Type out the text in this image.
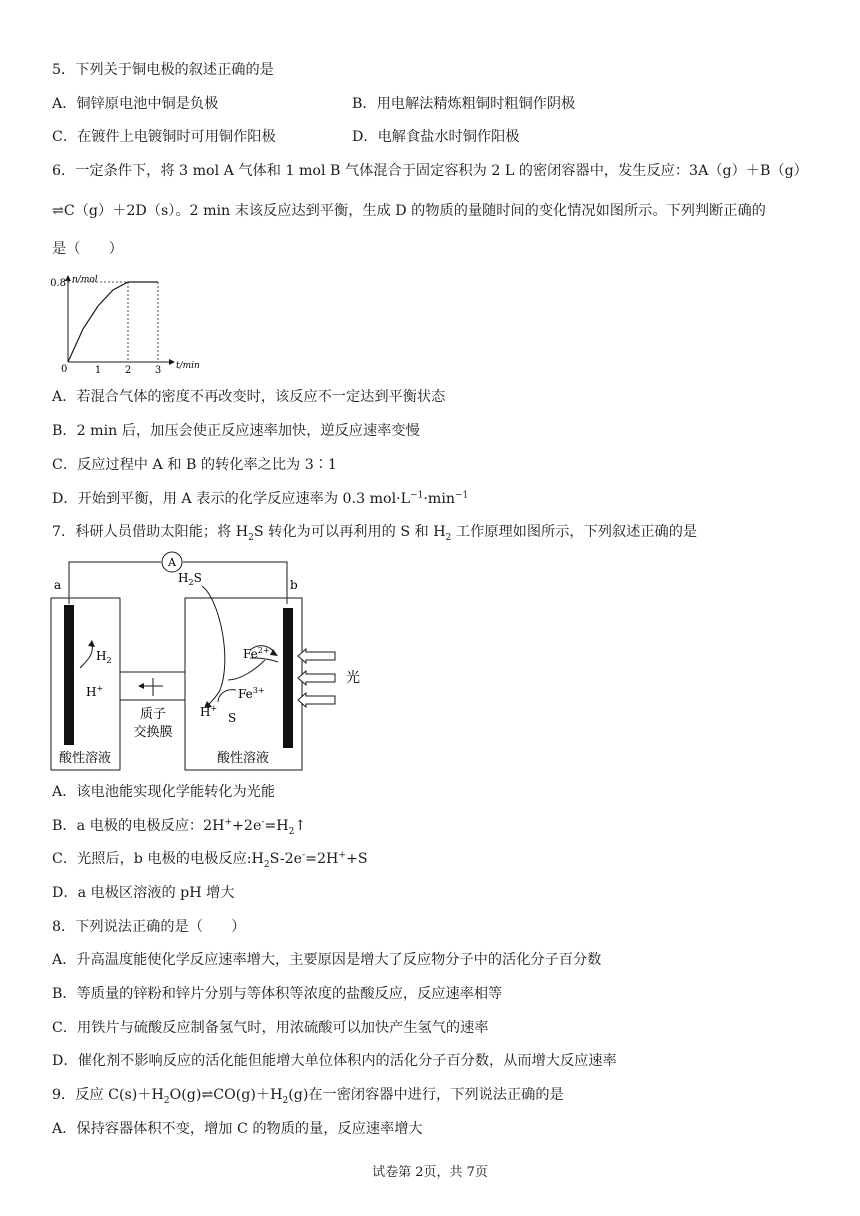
5．下列关于铜电极的叙述正确的是
A．铜锌原电池中铜是负极	B．用电解法精炼粗铜时粗铜作阴极
C．在镀件上电镀铜时可用铜作阳极	D．电解食盐水时铜作阳极
6．一定条件下，将 3 mol A 气体和 1 mol B 气体混合于固定容积为 2 L 的密闭容器中，发生反应：3A（g）＋B（g）
⇌C（g）＋2D（s）。2 min 末该反应达到平衡，生成 D 的物质的量随时间的变化情况如图所示。下列判断正确的
是（　　）
n/mol
t/min
0	1 2 3
0.8
A．若混合气体的密度不再改变时，该反应不一定达到平衡状态
B．2 min 后，加压会使正反应速率加快，逆反应速率变慢
C．反应过程中 A 和 B 的转化率之比为 3∶1
D．开始到平衡，用 A 表示的化学反应速率为 0.3 $mol\cdot L^{-1}\cdot\min^{-1}$
7．科研人员借助太阳能；将 $H_2S$ 转化为可以再利用的 S 和 $H_2$ 工作原理如图所示，下列叙述正确的是
A
a	b
$H_2$
H+
酸性溶液
质子
交换膜
$H_2S$
$Fe^{2+}$
$Fe^{3+}$
H+
S
酸性溶液
光
A．该电池能实现化学能转化为光能
B．a 电极的电极反应：$2H^++2e^-=H_2↑$
C．光照后，b 电极的电极反应$:H_2S-2e^-=2H^++S$
D．a 电极区溶液的 pH 增大
8．下列说法正确的是（　　）
A．升高温度能使化学反应速率增大，主要原因是增大了反应物分子中的活化分子百分数
B．等质量的锌粉和锌片分别与等体积等浓度的盐酸反应，反应速率相等
C．用铁片与硫酸反应制备氢气时，用浓硫酸可以加快产生氢气的速率
D．催化剂不影响反应的活化能但能增大单位体积内的活化分子百分数，从而增大反应速率
9．反应 $C(s)+H_2O(g)\rightleftharpoons CO(g)+H_2(g)$在一密闭容器中进行，下列说法正确的是
A．保持容器体积不变，增加 C 的物质的量，反应速率增大
试卷第 2页，共 7页
